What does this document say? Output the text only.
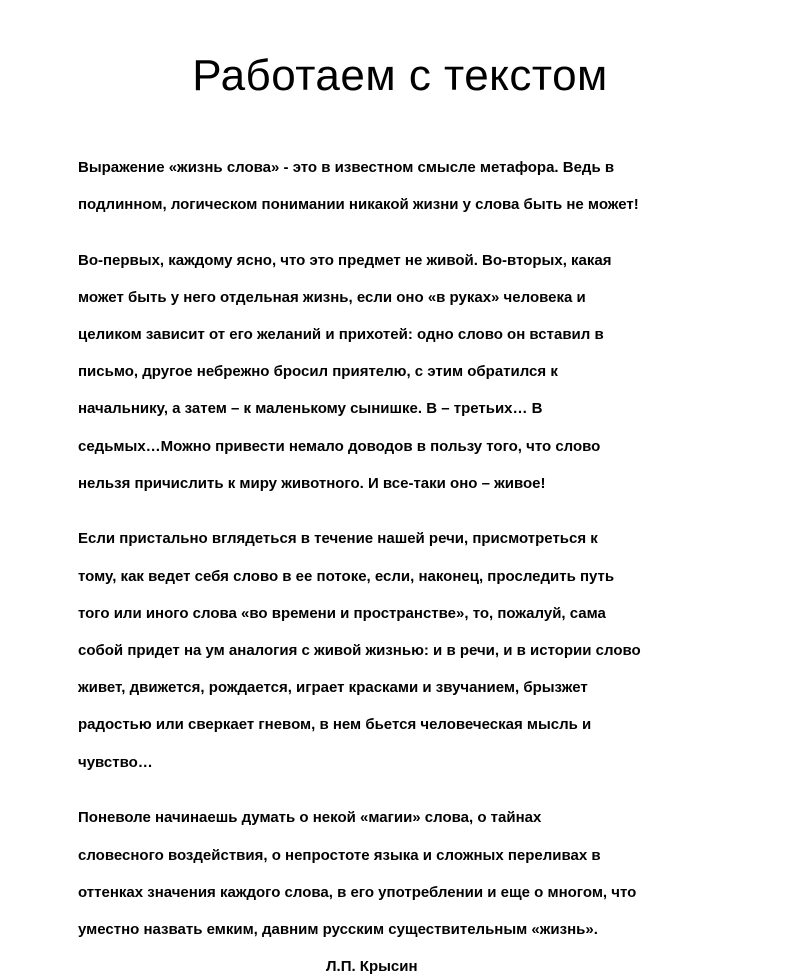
Работаем с текстом

Выражение «жизнь слова» - это в известном смысле метафора. Ведь в

подлинном, логическом понимании никакой жизни у слова быть не может!

Во-первых, каждому ясно, что это предмет не живой. Во-вторых, какая

может быть у него отдельная жизнь, если оно «в руках» человека и

целиком зависит от его желаний и прихотей: одно слово он вставил в

письмо, другое небрежно бросил приятелю, с этим обратился к

начальнику, а затем – к маленькому сынишке. В – третьих… В

седьмых…Можно привести немало доводов в пользу того, что слово

нельзя причислить к миру животного. И все-таки оно – живое!

Если пристально вглядеться в течение нашей речи, присмотреться к

тому, как ведет себя слово в ее потоке, если, наконец, проследить путь

того или иного слова «во времени и пространстве», то, пожалуй, сама

собой придет на ум аналогия с живой жизнью: и в речи, и в истории слово

живет, движется, рождается, играет красками и звучанием, брызжет

радостью или сверкает гневом, в нем бьется человеческая мысль и

чувство…

Поневоле начинаешь думать о некой «магии» слова, о тайнах

словесного воздействия, о непростоте языка и сложных переливах в

оттенках значения каждого слова, в его употреблении и еще о многом, что

уместно назвать емким, давним русским существительным «жизнь».

Л.П. Крысин
